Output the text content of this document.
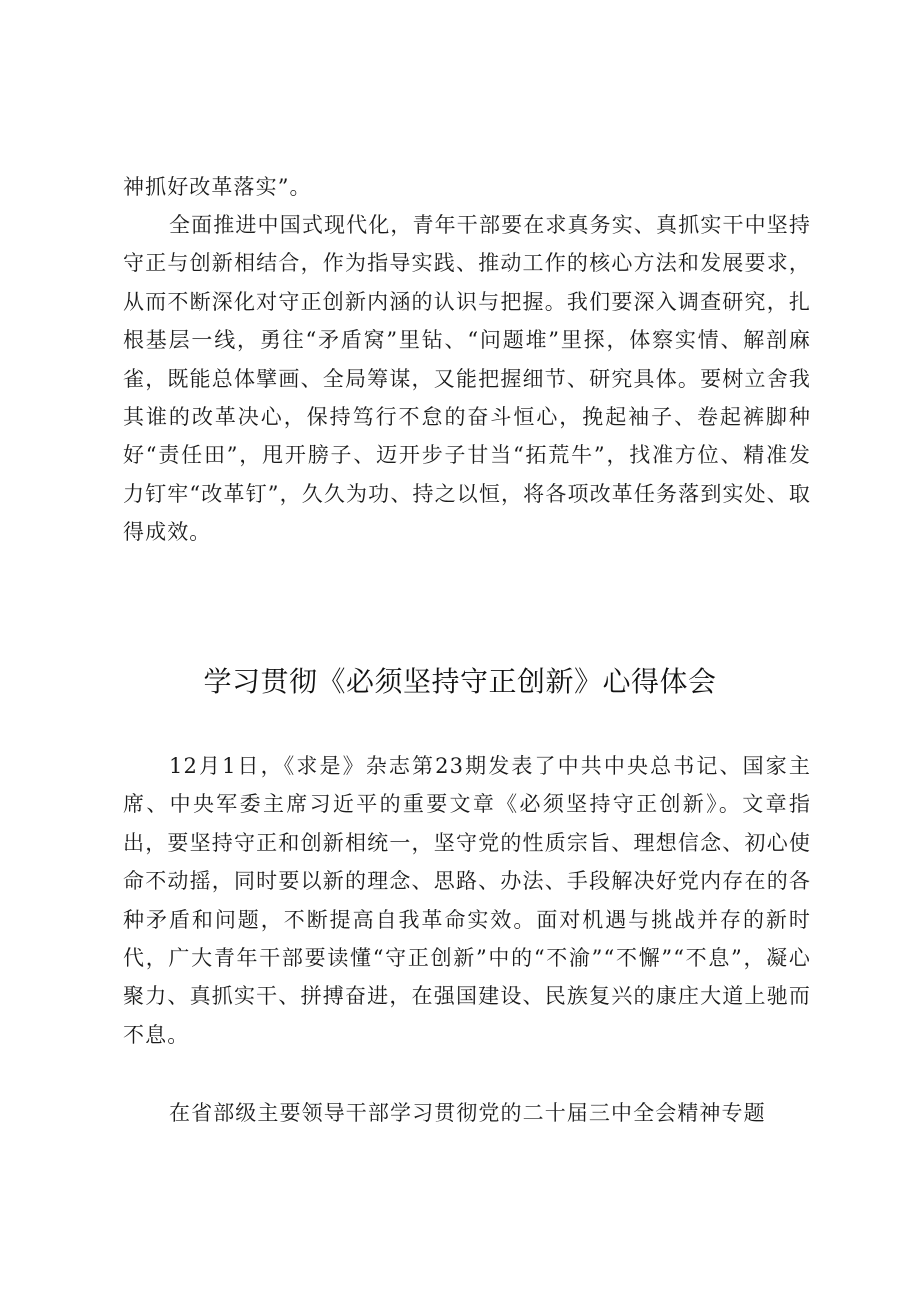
神抓好改革落实”。

全面推进中国式现代化，青年干部要在求真务实、真抓实干中坚持守正与创新相结合，作为指导实践、推动工作的核心方法和发展要求，从而不断深化对守正创新内涵的认识与把握。我们要深入调查研究，扎根基层一线，勇往“矛盾窝”里钻、“问题堆”里探，体察实情、解剖麻雀，既能总体擘画、全局筹谋，又能把握细节、研究具体。要树立舍我其谁的改革决心，保持笃行不怠的奋斗恒心，挽起袖子、卷起裤脚种好“责任田”，甩开膀子、迈开步子甘当“拓荒牛”，找准方位、精准发力钉牢“改革钉”，久久为功、持之以恒，将各项改革任务落到实处、取得成效。

学习贯彻《必须坚持守正创新》心得体会

12月1日，《求是》杂志第23期发表了中共中央总书记、国家主席、中央军委主席习近平的重要文章《必须坚持守正创新》。文章指出，要坚持守正和创新相统一，坚守党的性质宗旨、理想信念、初心使命不动摇，同时要以新的理念、思路、办法、手段解决好党内存在的各种矛盾和问题，不断提高自我革命实效。面对机遇与挑战并存的新时代，广大青年干部要读懂“守正创新”中的“不渝”“不懈”“不息”，凝心聚力、真抓实干、拼搏奋进，在强国建设、民族复兴的康庄大道上驰而不息。

在省部级主要领导干部学习贯彻党的二十届三中全会精神专题
